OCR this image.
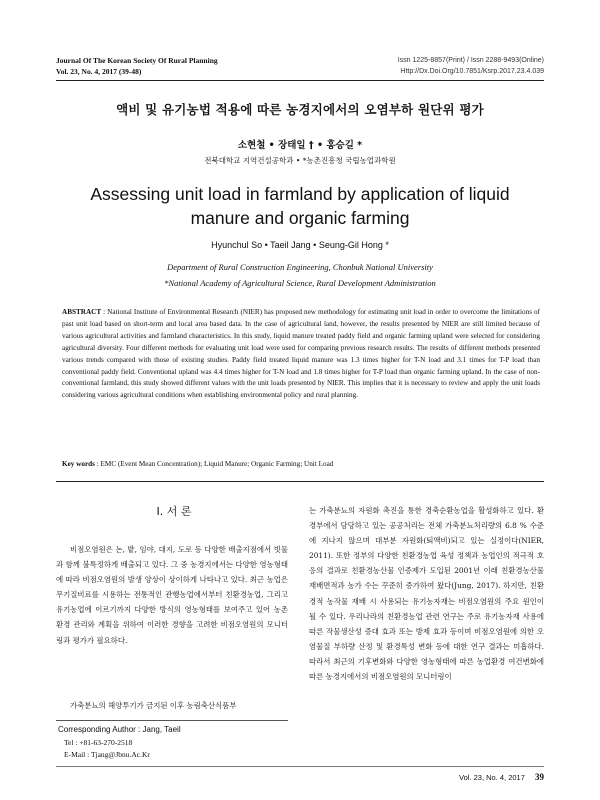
Journal Of The Korean Society Of Rural Planning
Vol. 23, No. 4, 2017 (39-48)
Issn 1225-8857(Print) / Issn 2288-9493(Online)
Http://Dx.Doi.Org/10.7851/Ksrp.2017.23.4.039
액비 및 유기농법 적용에 따른 농경지에서의 오염부하 원단위 평가
소현철 • 장태일 † • 홍승길 *
전북대학교 지역건설공학과 • *농촌진흥청 국립농업과학원
Assessing unit load in farmland by application of liquid manure and organic farming
Hyunchul So • Taeil Jang • Seung-Gil Hong *
Department of Rural Construction Engineering, Chonbuk National University
*National Academy of Agricultural Science, Rural Development Administration
ABSTRACT : National Institute of Environmental Research (NIER) has proposed new methodology for estimating unit load in order to overcome the limitations of past unit load based on short-term and local area based data. In the case of agricultural land, however, the results presented by NIER are still limited because of various agricultural activities and farmland characteristics. In this study, liquid manure treated paddy field and organic farming upland were selected for considering agricultural diversity. Four different methods for evaluating unit load were used for comparing previous research results. The results of different methods presented various trends compared with those of existing studies. Paddy field treated liquid manure was 1.3 times higher for T-N load and 3.1 times for T-P load than conventional paddy field. Conventional upland was 4.4 times higher for T-N load and 1.8 times higher for T-P load than organic farming upland. In the case of non-conventional farmland, this study showed different values with the unit loads presented by NIER. This implies that it is necessary to review and apply the unit loads considering various agricultural conditions when establishing environmental policy and rural planning.
Key words : EMC (Event Mean Concentration); Liquid Manure; Organic Farming; Unit Load
I. 서 론
비점오염원은 논, 밭, 임야, 대지, 도로 등 다양한 배출지점에서 빗물과 함께 불특정하게 배출되고 있다. 그 중 농경지에서는 다양한 영농형태에 따라 비점오염원의 발생 양상이 상이하게 나타나고 있다. 최근 농업은 무기질비료를 시용하는 전통적인 관행농업에서부터 친환경농업, 그리고 유기농업에 이르기까지 다양한 방식의 영농형태를 보여주고 있어 농촌 환경 관리와 계획을 위하여 이러한 경향을 고려한 비점오염원의 모니터링과 평가가 필요하다.
가축분뇨의 해양투기가 금지된 이후 농림축산식품부
는 가축분뇨의 자원화 촉진을 통한 경축순환농업을 활성화하고 있다. 환경부에서 담당하고 있는 공공처리는 전체 가축분뇨처리량의 6.8 % 수준에 지나지 않으며 대부분 자원화(퇴액비)되고 있는 실정이다(NIER, 2011). 또한 정부의 다양한 친환경농업 육성 정책과 농업인의 적극적 호응의 결과로 친환경농산물 인증제가 도입된 2001년 이래 친환경농산물 재배면적과 농가 수는 꾸준히 증가하여 왔다(Jung, 2017). 하지만, 친환경적 농작물 재배 시 사용되는 유기농자재는 비점오염원의 주요 원인이 될 수 있다. 우리나라의 친환경농업 관련 연구는 주로 유기농자재 사용에 따른 작물생산성 증대 효과 또는 방제 효과 등이며 비점오염원에 의한 오염물질 부하량 산정 및 환경특성 변화 등에 대한 연구 결과는 미흡하다. 따라서 최근의 기후변화와 다양한 영농형태에 따른 농업환경 여건변화에 따른 농경지에서의 비점오염원의 모니터링이
Corresponding Author : Jang, Taeil
Tel : +81-63-270-2518
E-Mail : Tjang@Jbnu.Ac.Kr
Vol. 23, No. 4, 2017 39
